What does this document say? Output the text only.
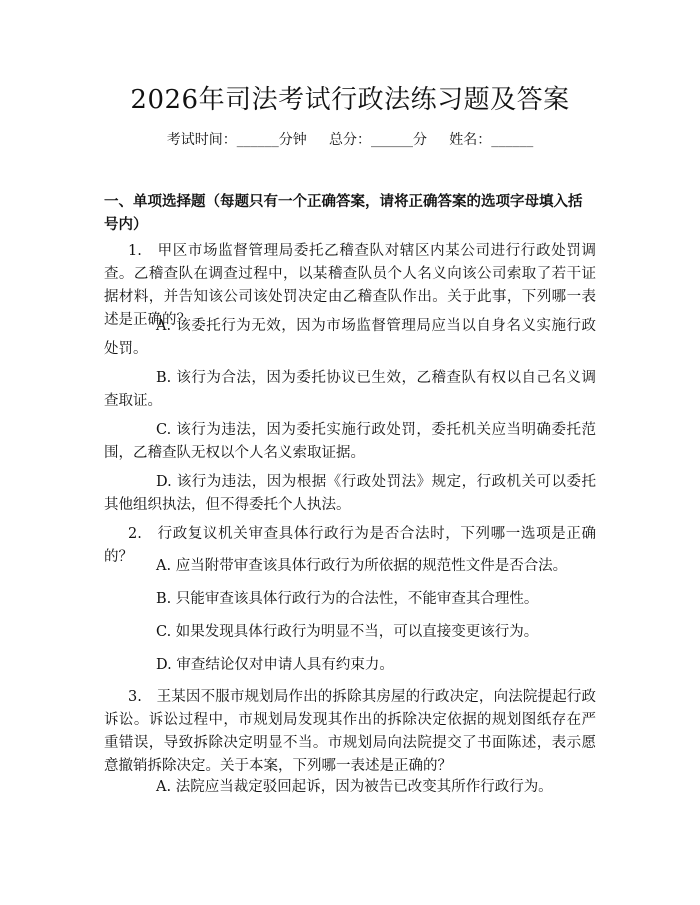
2026年司法考试行政法练习题及答案
考试时间：______分钟     总分：______分     姓名：______
一、单项选择题（每题只有一个正确答案，请将正确答案的选项字母填入括号内）
1.　甲区市场监督管理局委托乙稽查队对辖区内某公司进行行政处罚调查。乙稽查队在调查过程中，以某稽查队员个人名义向该公司索取了若干证据材料，并告知该公司该处罚决定由乙稽查队作出。关于此事，下列哪一表述是正确的？
A. 该委托行为无效，因为市场监督管理局应当以自身名义实施行政处罚。
B. 该行为合法，因为委托协议已生效，乙稽查队有权以自己名义调查取证。
C. 该行为违法，因为委托实施行政处罚，委托机关应当明确委托范围，乙稽查队无权以个人名义索取证据。
D. 该行为违法，因为根据《行政处罚法》规定，行政机关可以委托其他组织执法，但不得委托个人执法。
2.　行政复议机关审查具体行政行为是否合法时，下列哪一选项是正确的？
A. 应当附带审查该具体行政行为所依据的规范性文件是否合法。
B. 只能审查该具体行政行为的合法性，不能审查其合理性。
C. 如果发现具体行政行为明显不当，可以直接变更该行为。
D. 审查结论仅对申请人具有约束力。
3.　王某因不服市规划局作出的拆除其房屋的行政决定，向法院提起行政诉讼。诉讼过程中，市规划局发现其作出的拆除决定依据的规划图纸存在严重错误，导致拆除决定明显不当。市规划局向法院提交了书面陈述，表示愿意撤销拆除决定。关于本案，下列哪一表述是正确的？
A. 法院应当裁定驳回起诉，因为被告已改变其所作行政行为。
